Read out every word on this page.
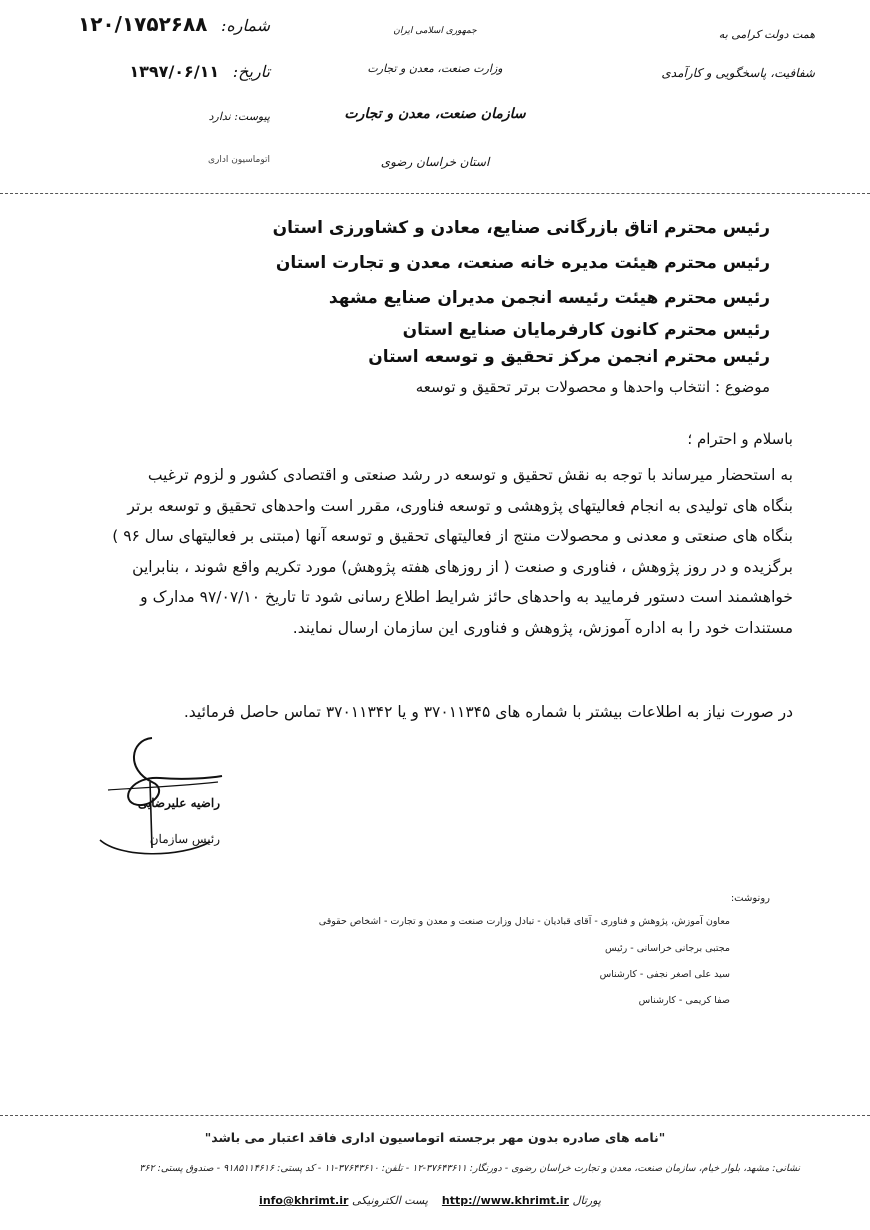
همت دولت کرامی به
شفافیت، پاسخگویی و کارآمدی
جمهوری اسلامی ایران
وزارت صنعت، معدن و تجارت
سازمان صنعت، معدن و تجارت
استان خراسان رضوی
شماره: ۱۲۰/۱۷۵۲۶۸۸
تاریخ: ۱۳۹۷/۰۶/۱۱
پیوست: ندارد
اتوماسیون اداری
رئیس محترم اتاق بازرگانی صنایع، معادن و کشاورزی استان
رئیس محترم هیئت مدیره خانه صنعت، معدن و تجارت استان
رئیس محترم هیئت رئیسه انجمن مدیران صنایع مشهد
رئیس محترم کانون کارفرمایان صنایع استان
رئیس محترم انجمن مرکز تحقیق و توسعه استان
موضوع : انتخاب واحدها و محصولات برتر تحقیق و توسعه
باسلام و احترام ؛
به استحضار میرساند با توجه به نقش تحقیق و توسعه در رشد صنعتی و اقتصادی کشور و لزوم ترغیب
بنگاه های تولیدی به انجام فعالیتهای پژوهشی و توسعه فناوری، مقرر است واحدهای تحقیق و توسعه برتر
بنگاه های صنعتی و معدنی و محصولات منتج از فعالیتهای تحقیق و توسعه آنها (مبتنی بر فعالیتهای سال ۹۶ )
برگزیده و در روز پژوهش ، فناوری و صنعت ( از روزهای هفته پژوهش) مورد تکریم واقع شوند ، بنابراین
خواهشمند است دستور فرمایید به واحدهای حائز شرایط اطلاع رسانی شود تا تاریخ ۹۷/۰۷/۱۰ مدارک و
مستندات خود را به اداره آموزش، پژوهش و فناوری این سازمان ارسال نمایند.
در صورت نیاز به اطلاعات بیشتر با شماره های ۳۷۰۱۱۳۴۵ و یا ۳۷۰۱۱۳۴۲ تماس حاصل فرمائید.
راضیه علیرضایی
رئیس سازمان
رونوشت:
معاون آموزش، پژوهش و فناوری - آقای قبادیان - تبادل وزارت صنعت و معدن و تجارت - اشخاص حقوقی
مجتبی برجانی خراسانی - رئیس
سید علی اصغر نجفی - کارشناس
صفا کریمی - کارشناس
"نامه های صادره بدون مهر برجسته اتوماسیون اداری فاقد اعتبار می باشد"
نشانی: مشهد، بلوار خیام، سازمان صنعت، معدن و تجارت خراسان رضوی - دورنگار: ۳۷۶۴۳۶۱۱-۱۲ - تلفن: ۳۷۶۴۳۶۱۰-۱۱ - کد پستی: ۹۱۸۵۱۱۴۶۱۶ - صندوق پستی: ۳۶۲
پورتال http://www.khrimt.ir    پست الکترونیکی info@khrimt.ir
